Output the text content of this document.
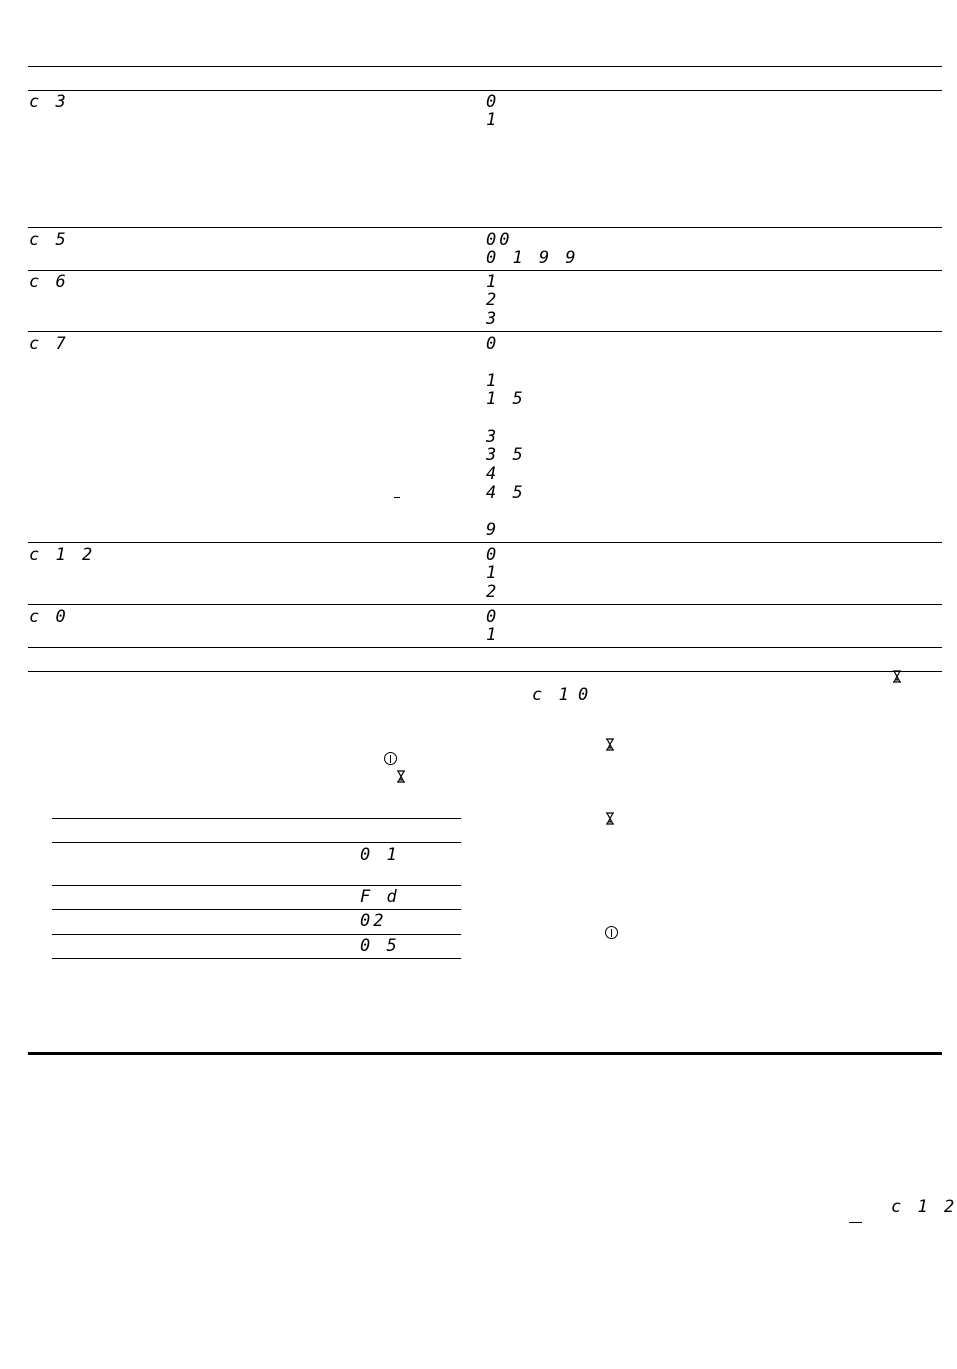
c 3	0
1
c 5	00
0 1 9 9
c 6	1
2
3
c 7	0
1
1 5
3
3 5
4
4 5
9
c 1 2	0
1
2
c 0	0
1
c 1 0
0 1
F d
02
0 5
c 1 2
